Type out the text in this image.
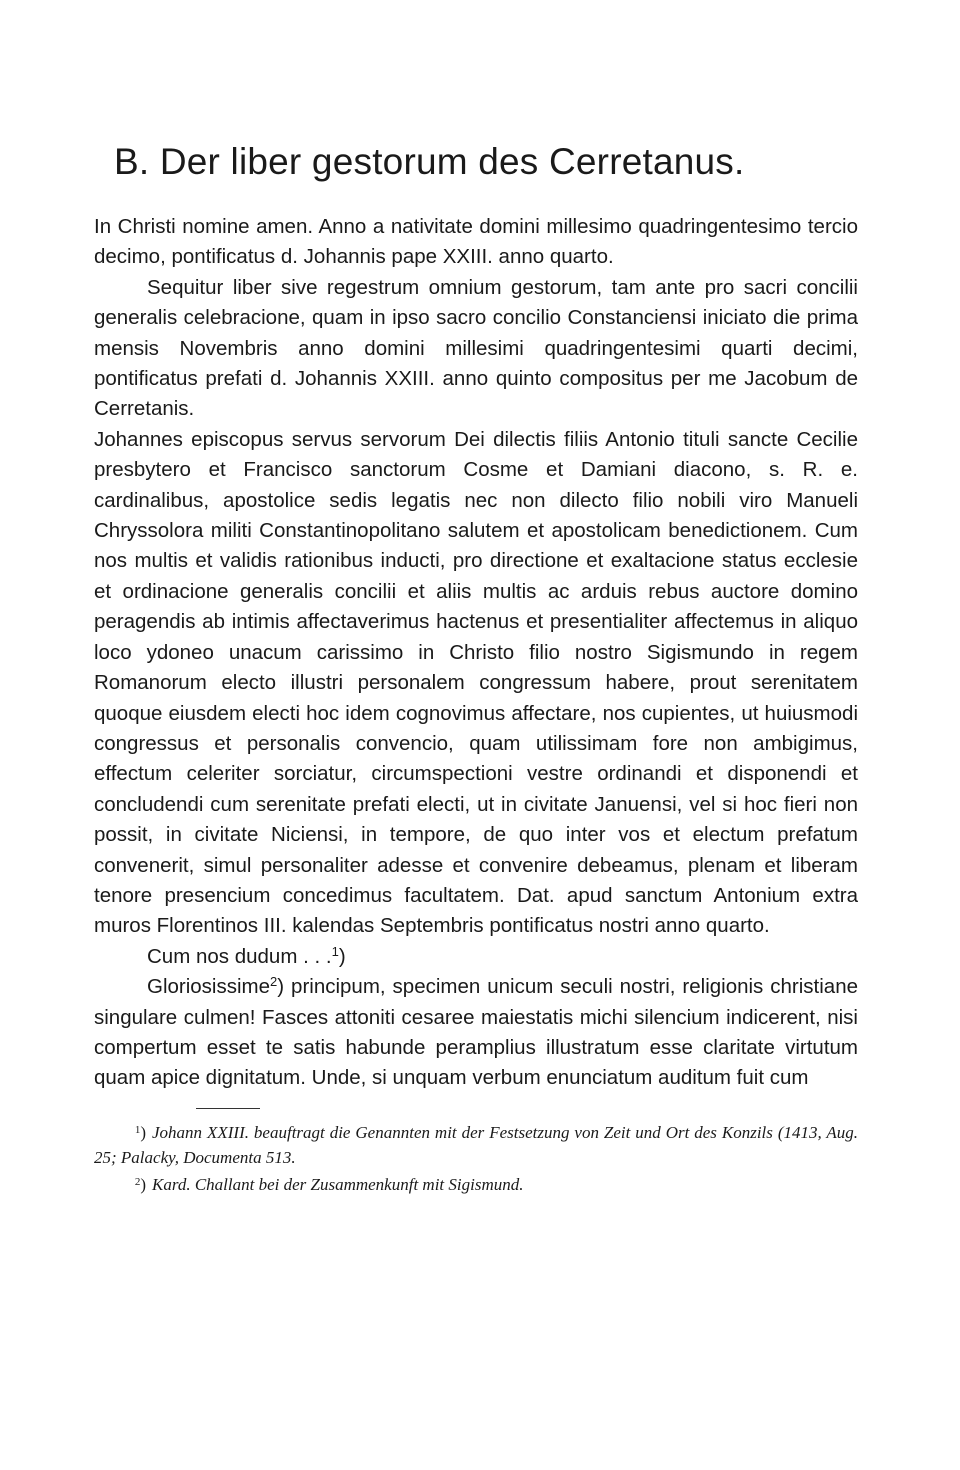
B. Der liber gestorum des Cerretanus.

In Christi nomine amen. Anno a nativitate domini millesimo quadringentesimo tercio decimo, pontificatus d. Johannis pape XXIII. anno quarto.

Sequitur liber sive regestrum omnium gestorum, tam ante pro sacri concilii generalis celebracione, quam in ipso sacro concilio Constanciensi iniciato die prima mensis Novembris anno domini millesimi quadringentesimi quarti decimi, pontificatus prefati d. Johannis XXIII. anno quinto compositus per me Jacobum de Cerretanis.

Johannes episcopus servus servorum Dei dilectis filiis Antonio tituli sancte Cecilie presbytero et Francisco sanctorum Cosme et Damiani diacono, s. R. e. cardinalibus, apostolice sedis legatis nec non dilecto filio nobili viro Manueli Chryssolora militi Constantinopolitano salutem et apostolicam benedictionem. Cum nos multis et validis rationibus inducti, pro directione et exaltacione status ecclesie et ordinacione generalis concilii et aliis multis ac arduis rebus auctore domino peragendis ab intimis affectaverimus hactenus et presentialiter affectemus in aliquo loco ydoneo unacum carissimo in Christo filio nostro Sigismundo in regem Romanorum electo illustri personalem congressum habere, prout serenitatem quoque eiusdem electi hoc idem cognovimus affectare, nos cupientes, ut huiusmodi congressus et personalis convencio, quam utilissimam fore non ambigimus, effectum celeriter sorciatur, circumspectioni vestre ordinandi et disponendi et concludendi cum serenitate prefati electi, ut in civitate Januensi, vel si hoc fieri non possit, in civitate Niciensi, in tempore, de quo inter vos et electum prefatum convenerit, simul personaliter adesse et convenire debeamus, plenam et liberam tenore presencium concedimus facultatem. Dat. apud sanctum Antonium extra muros Florentinos III. kalendas Septembris pontificatus nostri anno quarto.

Cum nos dudum . . .$^1$)

Gloriosissime$^2$) principum, specimen unicum seculi nostri, religionis christiane singulare culmen! Fasces attoniti cesaree maiestatis michi silencium indicerent, nisi compertum esset te satis habunde peramplius illustratum esse claritate virtutum quam apice dignitatum. Unde, si unquam verbum enunciatum auditum fuit cum

$^1$) Johann XXIII. beauftragt die Genannten mit der Festsetzung von Zeit und Ort des Konzils (1413, Aug. 25; Palacky, Documenta 513.

$^2$) Kard. Challant bei der Zusammenkunft mit Sigismund.
